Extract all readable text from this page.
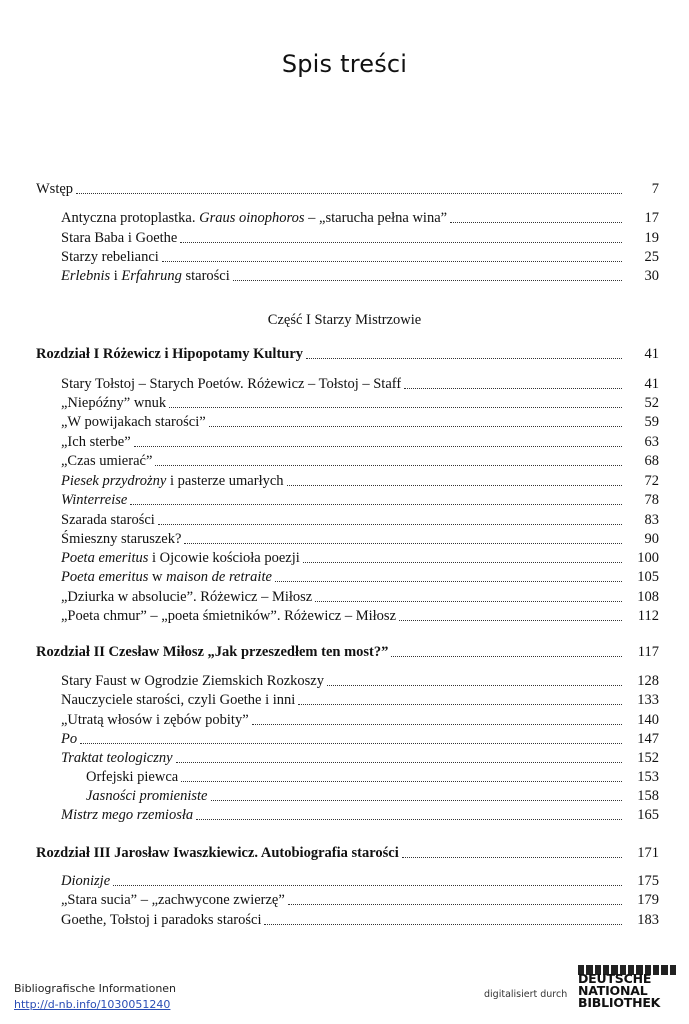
Spis treści
Wstęp	7
Antyczna protoplastka. Graus oinophoros – „starucha pełna wina”	17
Stara Baba i Goethe	19
Starzy rebelianci	25
Erlebnis i Erfahrung starości	30
Rozdział I Różewicz i Hipopotamy Kultury	41
Stary Tołstoj – Starych Poetów. Różewicz – Tołstoj – Staff	41
„Niepóźny” wnuk	52
„W powijakach starości”	59
„Ich sterbe”	63
„Czas umierać”	68
Piesek przydrożny i pasterze umarłych	72
Winterreise	78
Szarada starości	83
Śmieszny staruszek?	90
Poeta emeritus i Ojcowie kościoła poezji	100
Poeta emeritus w maison de retraite	105
„Dziurka w absolucie”. Różewicz – Miłosz	108
„Poeta chmur” – „poeta śmietników”. Różewicz – Miłosz	112
Rozdział II Czesław Miłosz „Jak przeszedłem ten most?”	117
Stary Faust w Ogrodzie Ziemskich Rozkoszy	128
Nauczyciele starości, czyli Goethe i inni	133
„Utratą włosów i zębów pobity”	140
Po	147
Traktat teologiczny	152
Orfejski piewca	153
Jasności promieniste	158
Mistrz mego rzemiosła	165
Rozdział III Jarosław Iwaszkiewicz. Autobiografia starości	171
Dionizje	175
„Stara sucia” – „zachwycone zwierzę”	179
Goethe, Tołstoj i paradoks starości	183
Część I Starzy Mistrzowie
Bibliografische Informationen
http://d-nb.info/1030051240
digitalisiert durch
DEUTSCHE
NATIONAL
BIBLIOTHEK
